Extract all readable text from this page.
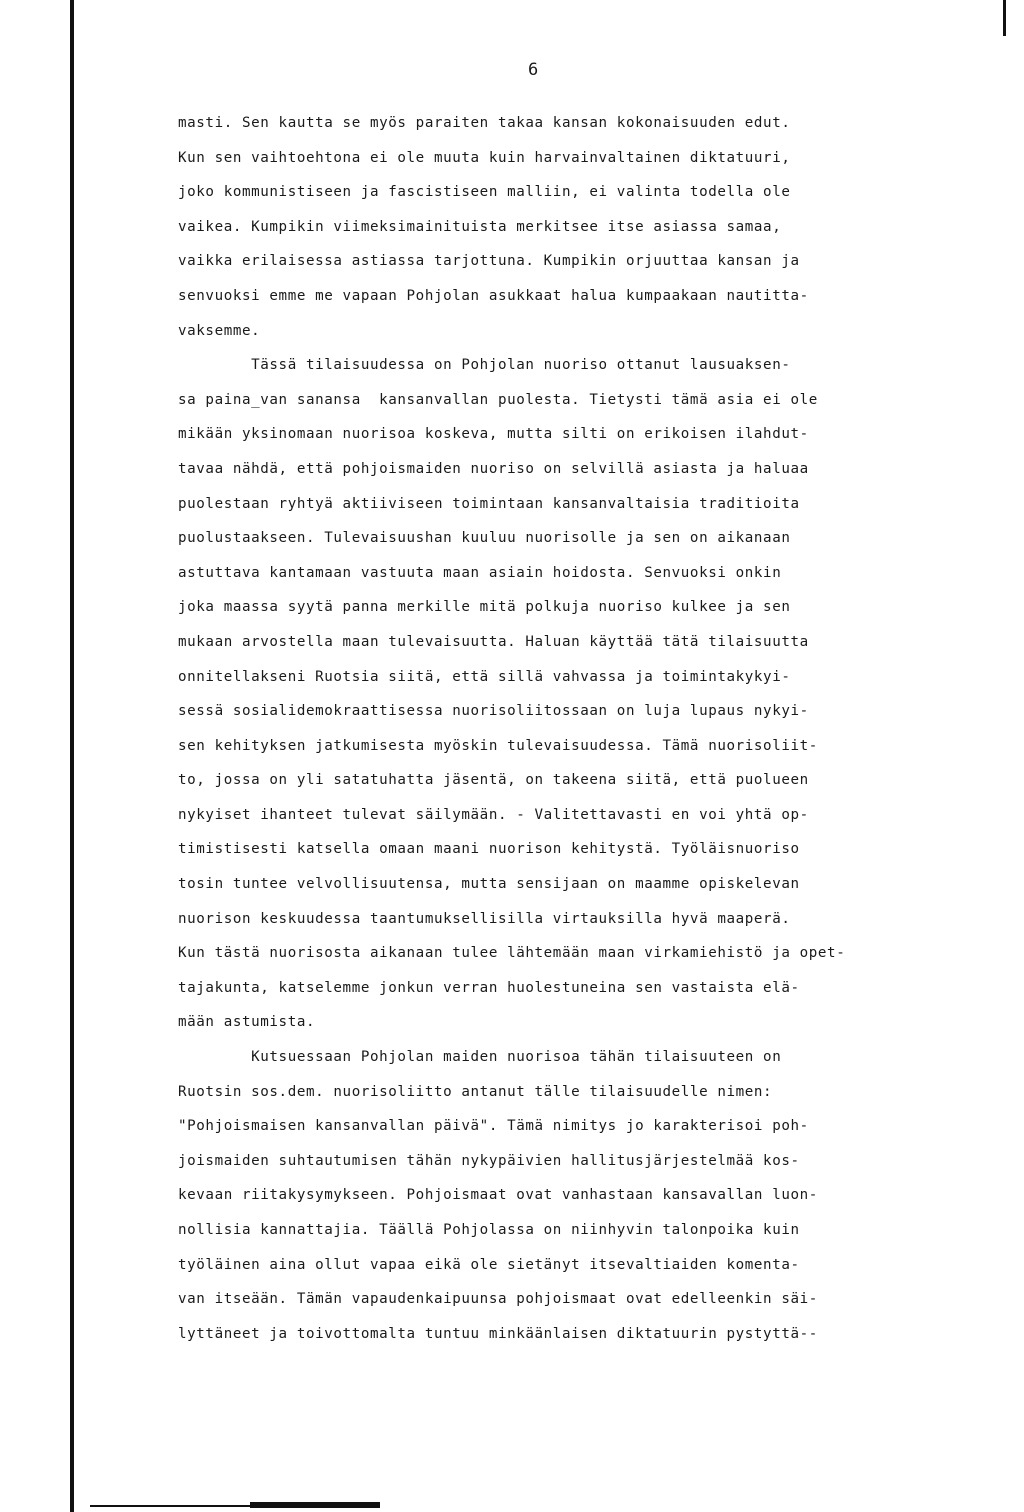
6
masti. Sen kautta se myös paraiten takaa kansan kokonaisuuden edut.
Kun sen vaihtoehtona ei ole muuta kuin harvainvaltainen diktatuuri,
joko kommunistiseen ja fascistiseen malliin, ei valinta todella ole
vaikea. Kumpikin viimeksimainituista merkitsee itse asiassa samaa,
vaikka erilaisessa astiassa tarjottuna. Kumpikin orjuuttaa kansan ja
senvuoksi emme me vapaan Pohjolan asukkaat halua kumpaakaan nautitta-
vaksemme.
Tässä tilaisuudessa on Pohjolan nuoriso ottanut lausuaksen-
sa paina_van sanansa  kansanvallan puolesta. Tietysti tämä asia ei ole
mikään yksinomaan nuorisoa koskeva, mutta silti on erikoisen ilahdut-
tavaa nähdä, että pohjoismaiden nuoriso on selvillä asiasta ja haluaa
puolestaan ryhtyä aktiiviseen toimintaan kansanvaltaisia traditioita
puolustaakseen. Tulevaisuushan kuuluu nuorisolle ja sen on aikanaan
astuttava kantamaan vastuuta maan asiain hoidosta. Senvuoksi onkin
joka maassa syytä panna merkille mitä polkuja nuoriso kulkee ja sen
mukaan arvostella maan tulevaisuutta. Haluan käyttää tätä tilaisuutta
onnitellakseni Ruotsia siitä, että sillä vahvassa ja toimintakykyi-
sessä sosialidemokraattisessa nuorisoliitossaan on luja lupaus nykyi-
sen kehityksen jatkumisesta myöskin tulevaisuudessa. Tämä nuorisoliit-
to, jossa on yli satatuhatta jäsentä, on takeena siitä, että puolueen
nykyiset ihanteet tulevat säilymään. - Valitettavasti en voi yhtä op-
timistisesti katsella omaan maani nuorison kehitystä. Työläisnuoriso
tosin tuntee velvollisuutensa, mutta sensijaan on maamme opiskelevan
nuorison keskuudessa taantumuksellisilla virtauksilla hyvä maaperä.
Kun tästä nuorisosta aikanaan tulee lähtemään maan virkamiehistö ja opet-
tajakunta, katselemme jonkun verran huolestuneina sen vastaista elä-
mään astumista.
Kutsuessaan Pohjolan maiden nuorisoa tähän tilaisuuteen on
Ruotsin sos.dem. nuorisoliitto antanut tälle tilaisuudelle nimen:
"Pohjoismaisen kansanvallan päivä". Tämä nimitys jo karakterisoi poh-
joismaiden suhtautumisen tähän nykypäivien hallitusjärjestelmää kos-
kevaan riitakysymykseen. Pohjoismaat ovat vanhastaan kansavallan luon-
nollisia kannattajia. Täällä Pohjolassa on niinhyvin talonpoika kuin
työläinen aina ollut vapaa eikä ole sietänyt itsevaltiaiden komenta-
van itseään. Tämän vapaudenkaipuunsa pohjoismaat ovat edelleenkin säi-
lyttäneet ja toivottomalta tuntuu minkäänlaisen diktatuurin pystyttä--
